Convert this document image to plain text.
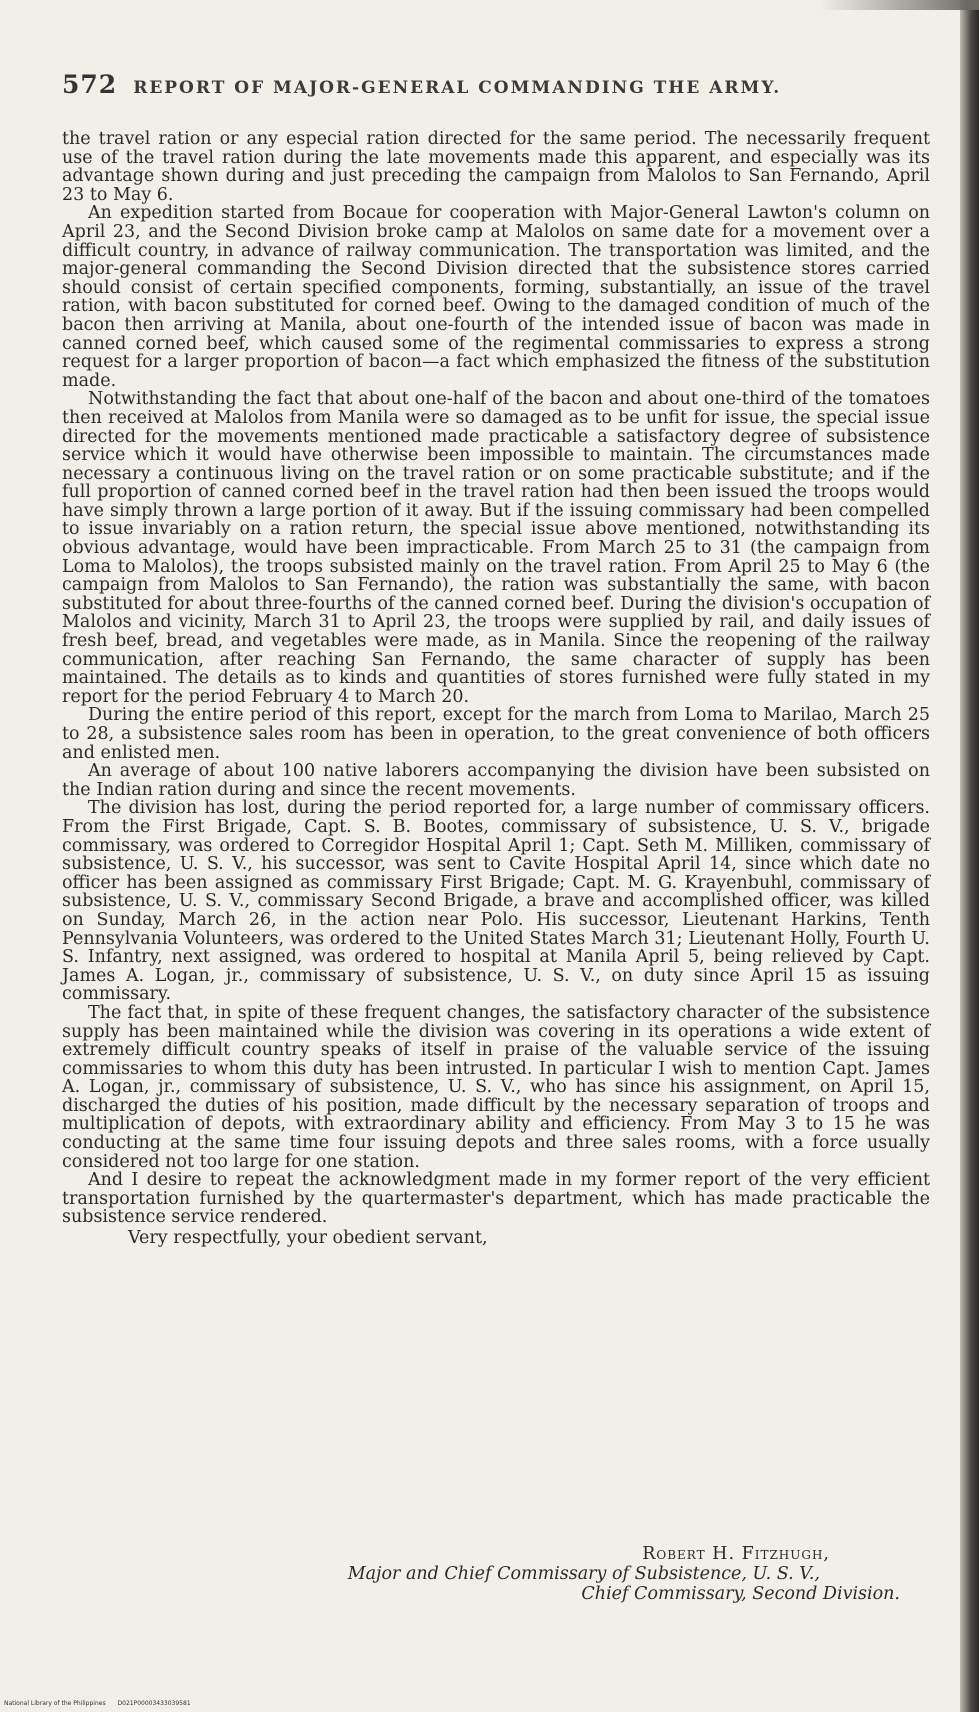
572 REPORT OF MAJOR-GENERAL COMMANDING THE ARMY.

the travel ration or any especial ration directed for the same period. The necessarily frequent use of the travel ration during the late movements made this apparent, and especially was its advantage shown during and just preceding the campaign from Malolos to San Fernando, April 23 to May 6.

An expedition started from Bocaue for cooperation with Major-General Lawton's column on April 23, and the Second Division broke camp at Malolos on same date for a movement over a difficult country, in advance of railway communication. The transportation was limited, and the major-general commanding the Second Division directed that the subsistence stores carried should consist of certain specified components, forming, substantially, an issue of the travel ration, with bacon substituted for corned beef. Owing to the damaged condition of much of the bacon then arriving at Manila, about one-fourth of the intended issue of bacon was made in canned corned beef, which caused some of the regimental commissaries to express a strong request for a larger proportion of bacon—a fact which emphasized the fitness of the substitution made.

Notwithstanding the fact that about one-half of the bacon and about one-third of the tomatoes then received at Malolos from Manila were so damaged as to be unfit for issue, the special issue directed for the movements mentioned made practicable a satisfactory degree of subsistence service which it would have otherwise been impossible to maintain. The circumstances made necessary a continuous living on the travel ration or on some practicable substitute; and if the full proportion of canned corned beef in the travel ration had then been issued the troops would have simply thrown a large portion of it away. But if the issuing commissary had been compelled to issue invariably on a ration return, the special issue above mentioned, notwithstanding its obvious advantage, would have been impracticable. From March 25 to 31 (the campaign from Loma to Malolos), the troops subsisted mainly on the travel ration. From April 25 to May 6 (the campaign from Malolos to San Fernando), the ration was substantially the same, with bacon substituted for about three-fourths of the canned corned beef. During the division's occupation of Malolos and vicinity, March 31 to April 23, the troops were supplied by rail, and daily issues of fresh beef, bread, and vegetables were made, as in Manila. Since the reopening of the railway communication, after reaching San Fernando, the same character of supply has been maintained. The details as to kinds and quantities of stores furnished were fully stated in my report for the period February 4 to March 20.

During the entire period of this report, except for the march from Loma to Marilao, March 25 to 28, a subsistence sales room has been in operation, to the great convenience of both officers and enlisted men.

An average of about 100 native laborers accompanying the division have been subsisted on the Indian ration during and since the recent movements.

The division has lost, during the period reported for, a large number of commissary officers. From the First Brigade, Capt. S. B. Bootes, commissary of subsistence, U. S. V., brigade commissary, was ordered to Corregidor Hospital April 1; Capt. Seth M. Milliken, commissary of subsistence, U. S. V., his successor, was sent to Cavite Hospital April 14, since which date no officer has been assigned as commissary First Brigade; Capt. M. G. Krayenbuhl, commissary of subsistence, U. S. V., commissary Second Brigade, a brave and accomplished officer, was killed on Sunday, March 26, in the action near Polo. His successor, Lieutenant Harkins, Tenth Pennsylvania Volunteers, was ordered to the United States March 31; Lieutenant Holly, Fourth U. S. Infantry, next assigned, was ordered to hospital at Manila April 5, being relieved by Capt. James A. Logan, jr., commissary of subsistence, U. S. V., on duty since April 15 as issuing commissary.

The fact that, in spite of these frequent changes, the satisfactory character of the subsistence supply has been maintained while the division was covering in its operations a wide extent of extremely difficult country speaks of itself in praise of the valuable service of the issuing commissaries to whom this duty has been intrusted. In particular I wish to mention Capt. James A. Logan, jr., commissary of subsistence, U. S. V., who has since his assignment, on April 15, discharged the duties of his position, made difficult by the necessary separation of troops and multiplication of depots, with extraordinary ability and efficiency. From May 3 to 15 he was conducting at the same time four issuing depots and three sales rooms, with a force usually considered not too large for one station.

And I desire to repeat the acknowledgment made in my former report of the very efficient transportation furnished by the quartermaster's department, which has made practicable the subsistence service rendered.

Very respectfully, your obedient servant,

Robert H. Fitzhugh,
Major and Chief Commissary of Subsistence, U. S. V.,
Chief Commissary, Second Division.
National Library of the Philippines D021P00003433039581
